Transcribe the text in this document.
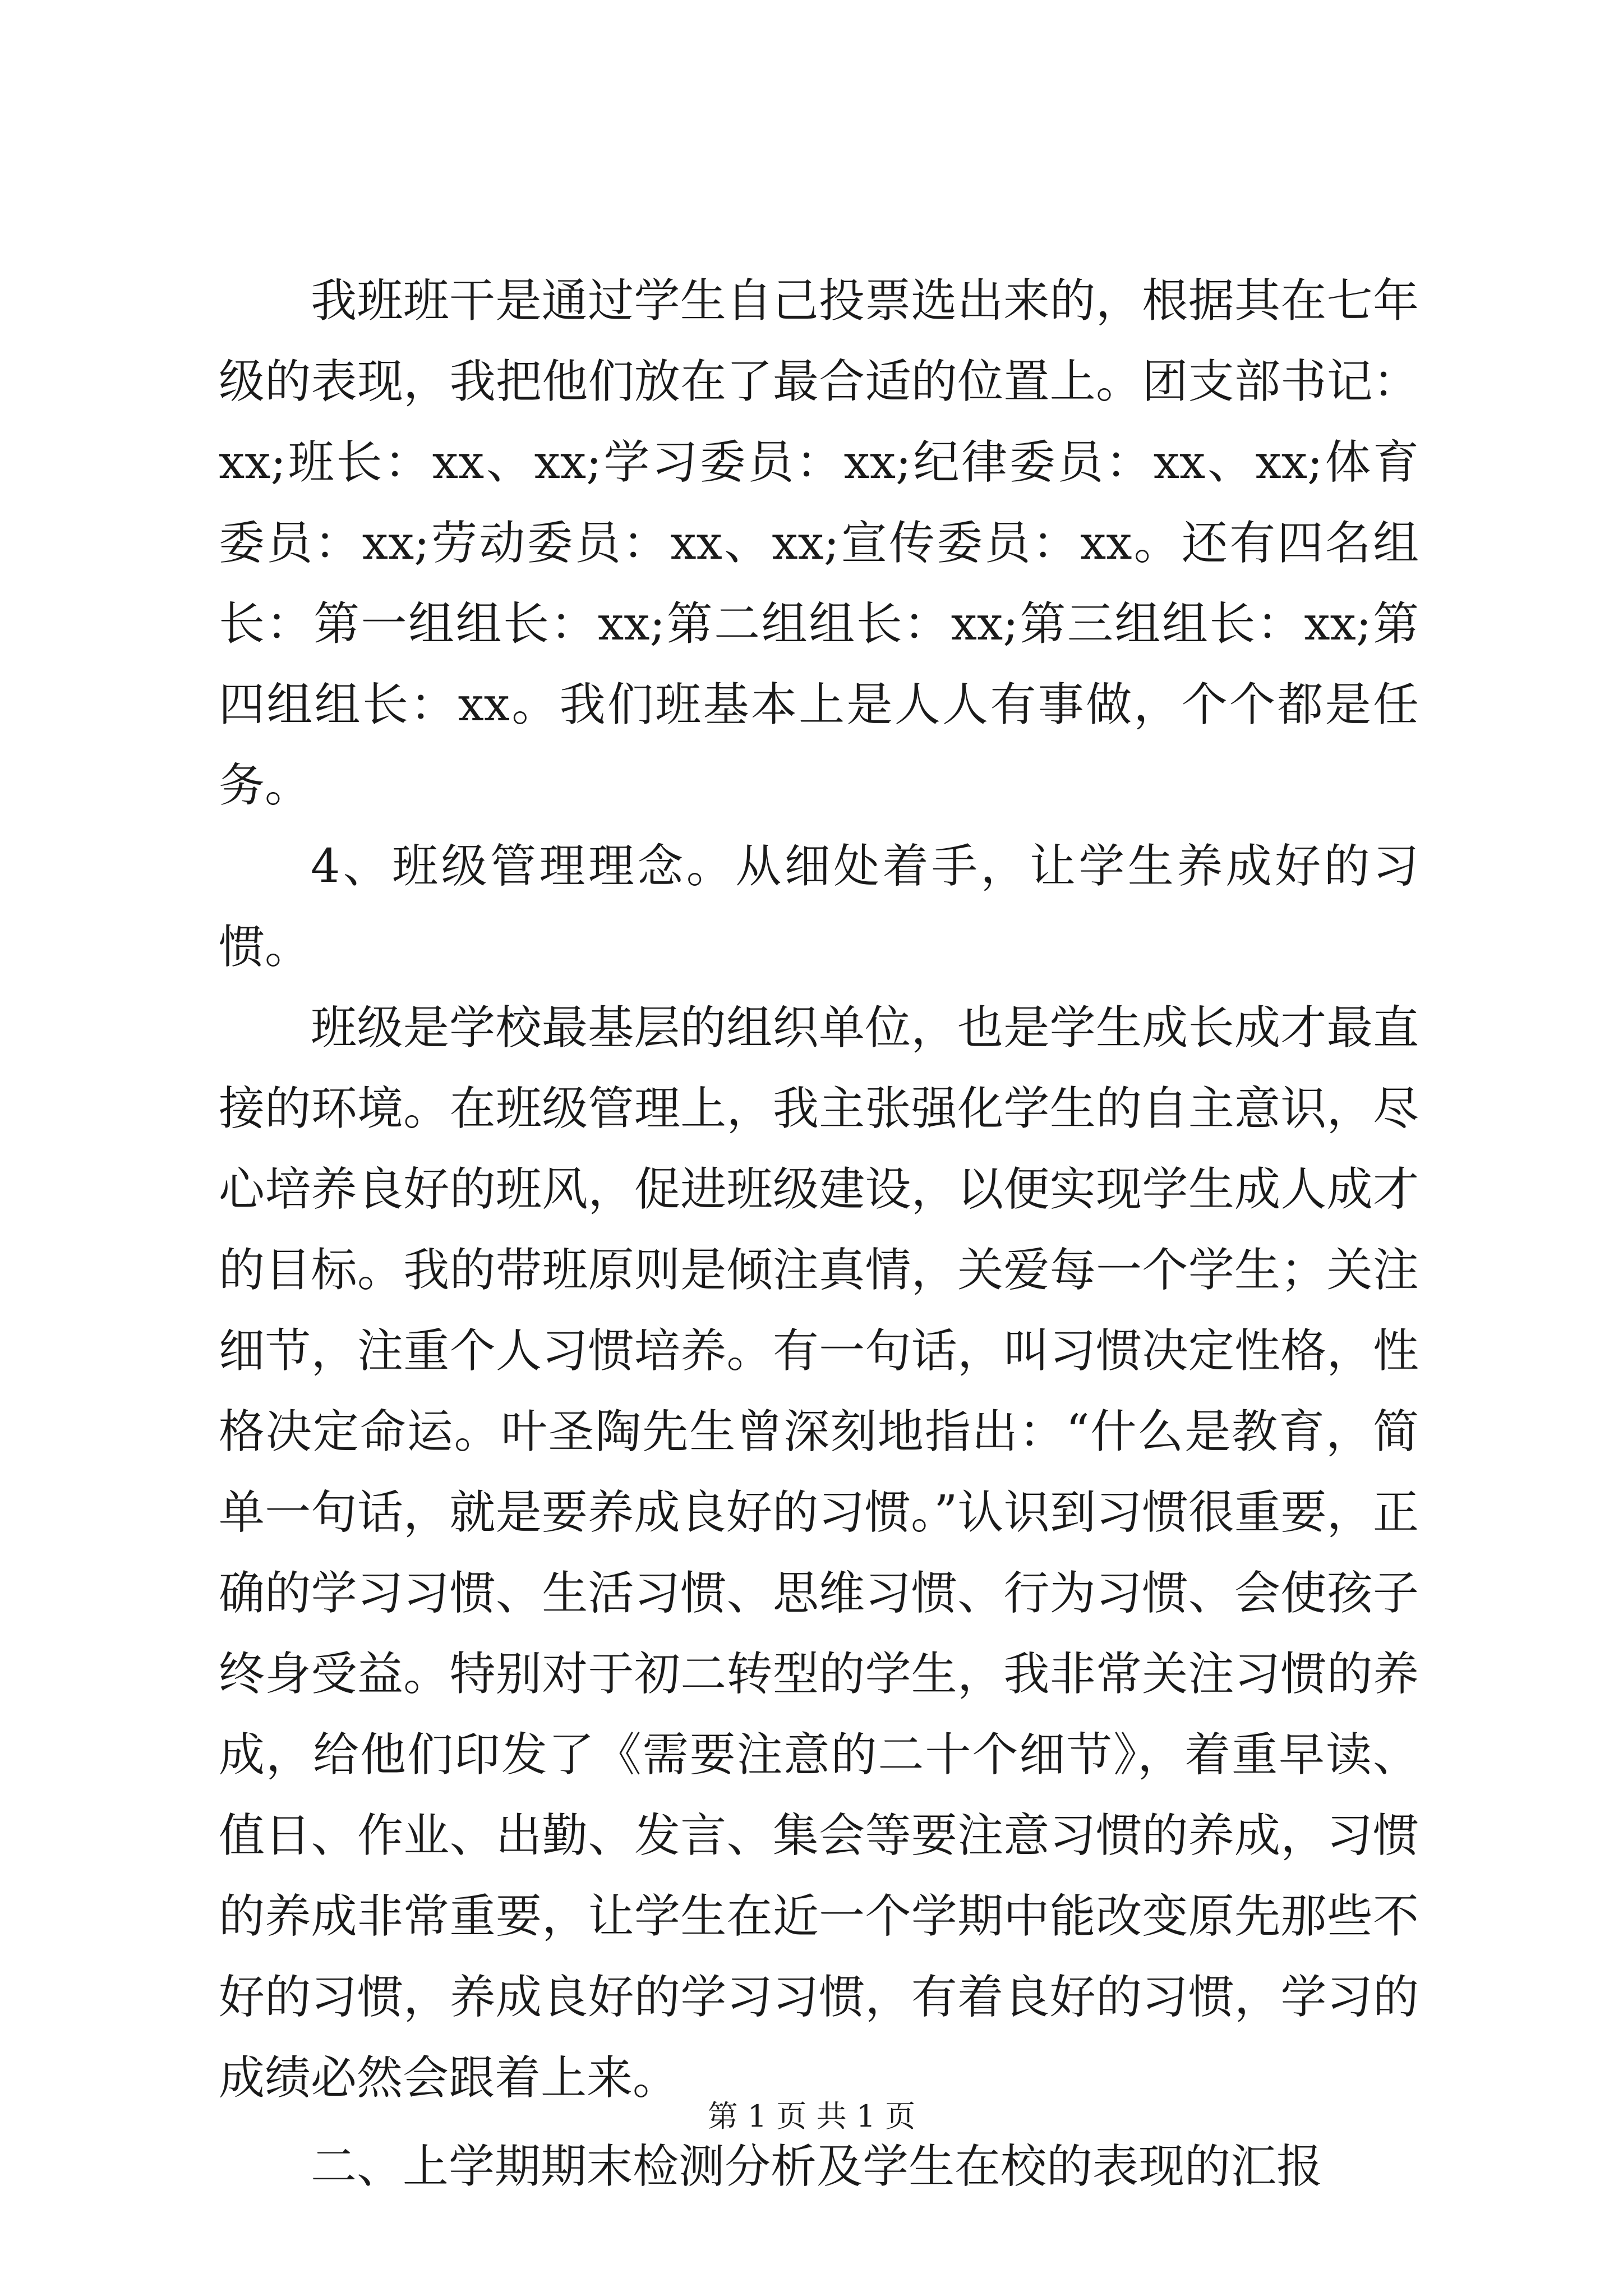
我班班干是通过学生自己投票选出来的，根据其在七年级的表现，我把他们放在了最合适的位置上。团支部书记：xx;班长：xx、xx;学习委员：xx;纪律委员：xx、xx;体育委员：xx;劳动委员：xx、xx;宣传委员：xx。还有四名组长：第一组组长：xx;第二组组长：xx;第三组组长：xx;第四组组长：xx。我们班基本上是人人有事做，个个都是任务。

4、班级管理理念。从细处着手，让学生养成好的习惯。

班级是学校最基层的组织单位，也是学生成长成才最直接的环境。在班级管理上，我主张强化学生的自主意识，尽心培养良好的班风，促进班级建设，以便实现学生成人成才的目标。我的带班原则是倾注真情，关爱每一个学生；关注细节，注重个人习惯培养。有一句话，叫习惯决定性格，性格决定命运。叶圣陶先生曾深刻地指出：“什么是教育，简单一句话，就是要养成良好的习惯。”认识到习惯很重要，正确的学习习惯、生活习惯、思维习惯、行为习惯、会使孩子终身受益。特别对于初二转型的学生，我非常关注习惯的养成，给他们印发了《需要注意的二十个细节》，着重早读、值日、作业、出勤、发言、集会等要注意习惯的养成，习惯的养成非常重要，让学生在近一个学期中能改变原先那些不好的习惯，养成良好的学习习惯，有着良好的习惯，学习的成绩必然会跟着上来。

二、上学期期末检测分析及学生在校的表现的汇报

第 1 页 共 1 页
